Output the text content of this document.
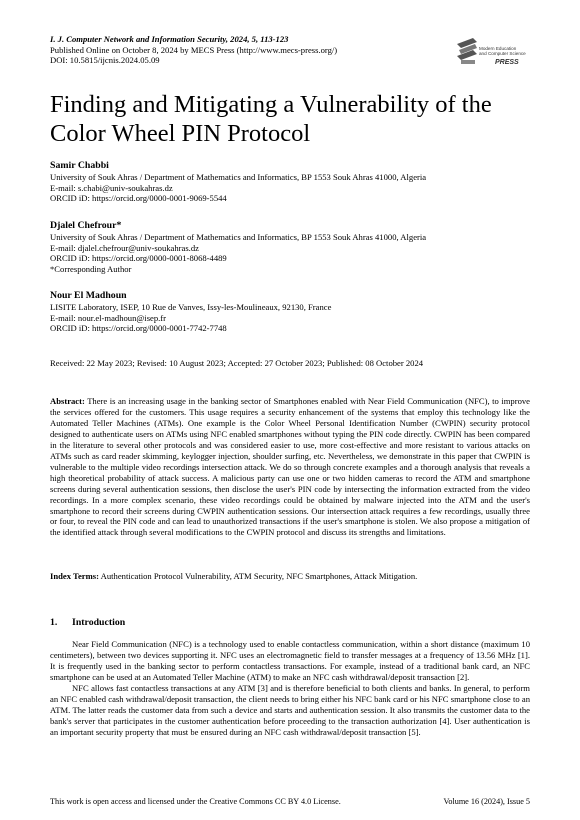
I. J. Computer Network and Information Security, 2024, 5, 113-123
Published Online on October 8, 2024 by MECS Press (http://www.mecs-press.org/)
DOI: 10.5815/ijcnis.2024.05.09
Modern Education
and Computer Science
PRESS
Finding and Mitigating a Vulnerability of the Color Wheel PIN Protocol
Samir Chabbi
University of Souk Ahras / Department of Mathematics and Informatics, BP 1553 Souk Ahras 41000, Algeria
E-mail: s.chabi@univ-soukahras.dz
ORCID iD: https://orcid.org/0000-0001-9069-5544
Djalel Chefrour*
University of Souk Ahras / Department of Mathematics and Informatics, BP 1553 Souk Ahras 41000, Algeria
E-mail: djalel.chefrour@univ-soukahras.dz
ORCID iD: https://orcid.org/0000-0001-8068-4489
*Corresponding Author
Nour El Madhoun
LISITE Laboratory, ISEP, 10 Rue de Vanves, Issy-les-Moulineaux, 92130, France
E-mail: nour.el-madhoun@isep.fr
ORCID iD: https://orcid.org/0000-0001-7742-7748
Received: 22 May 2023; Revised: 10 August 2023; Accepted: 27 October 2023; Published: 08 October 2024
Abstract: There is an increasing usage in the banking sector of Smartphones enabled with Near Field Communication (NFC), to improve the services offered for the customers. This usage requires a security enhancement of the systems that employ this technology like the Automated Teller Machines (ATMs). One example is the Color Wheel Personal Identification Number (CWPIN) security protocol designed to authenticate users on ATMs using NFC enabled smartphones without typing the PIN code directly. CWPIN has been compared in the literature to several other protocols and was considered easier to use, more cost-effective and more resistant to various attacks on ATMs such as card reader skimming, keylogger injection, shoulder surfing, etc. Nevertheless, we demonstrate in this paper that CWPIN is vulnerable to the multiple video recordings intersection attack. We do so through concrete examples and a thorough analysis that reveals a high theoretical probability of attack success. A malicious party can use one or two hidden cameras to record the ATM and smartphone screens during several authentication sessions, then disclose the user's PIN code by intersecting the information extracted from the video recordings. In a more complex scenario, these video recordings could be obtained by malware injected into the ATM and the user's smartphone to record their screens during CWPIN authentication sessions. Our intersection attack requires a few recordings, usually three or four, to reveal the PIN code and can lead to unauthorized transactions if the user's smartphone is stolen. We also propose a mitigation of the identified attack through several modifications to the CWPIN protocol and discuss its strengths and limitations.
Index Terms: Authentication Protocol Vulnerability, ATM Security, NFC Smartphones, Attack Mitigation.
1. Introduction

Near Field Communication (NFC) is a technology used to enable contactless communication, within a short distance (maximum 10 centimeters), between two devices supporting it. NFC uses an electromagnetic field to transfer messages at a frequency of 13.56 MHz [1]. It is frequently used in the banking sector to perform contactless transactions. For example, instead of a traditional bank card, an NFC smartphone can be used at an Automated Teller Machine (ATM) to make an NFC cash withdrawal/deposit transaction [2].

NFC allows fast contactless transactions at any ATM [3] and is therefore beneficial to both clients and banks. In general, to perform an NFC enabled cash withdrawal/deposit transaction, the client needs to bring either his NFC bank card or his NFC smartphone close to an ATM. The latter reads the customer data from such a device and starts and authentication session. It also transmits the customer data to the bank's server that participates in the customer authentication before proceeding to the transaction authorization [4]. User authentication is an important security property that must be ensured during an NFC cash withdrawal/deposit transaction [5].

This work is open access and licensed under the Creative Commons CC BY 4.0 License.	Volume 16 (2024), Issue 5
